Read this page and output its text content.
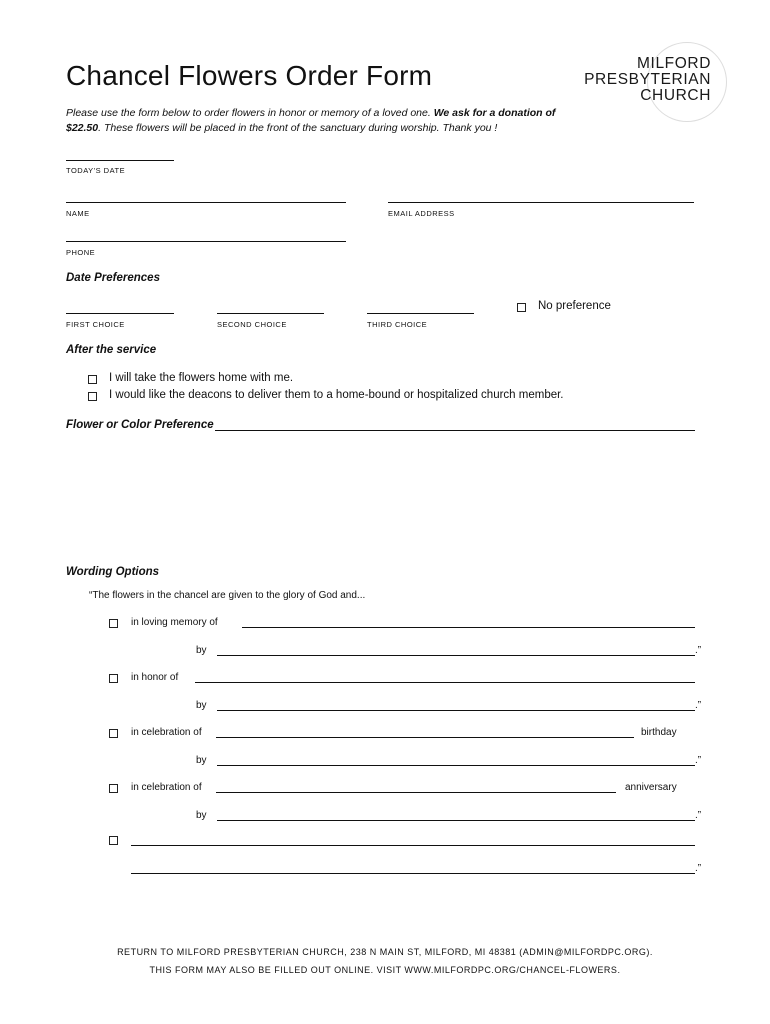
Chancel Flowers Order Form
Please use the form below to order flowers in honor or memory of a loved one. We ask for a donation of $22.50. These flowers will be placed in the front of the sanctuary during worship. Thank you !
MILFORD
PRESBYTERIAN
CHURCH
TODAY'S DATE
NAME	EMAIL ADDRESS
PHONE
Date Preferences
FIRST CHOICE	SECOND CHOICE	THIRD CHOICE
No preference
After the service
I will take the flowers home with me.
I would like the deacons to deliver them to a home-bound or hospitalized church member.
Flower or Color Preference
Wording Options
“The flowers in the chancel are given to the glory of God and...
in loving memory of
by	.”
in honor of
by	.”
in celebration of	birthday
by	.”
in celebration of	anniversary
by	.”
.”
RETURN TO MILFORD PRESBYTERIAN CHURCH, 238 N MAIN ST, MILFORD, MI 48381 (ADMIN@MILFORDPC.ORG).
THIS FORM MAY ALSO BE FILLED OUT ONLINE. VISIT WWW.MILFORDPC.ORG/CHANCEL-FLOWERS.
